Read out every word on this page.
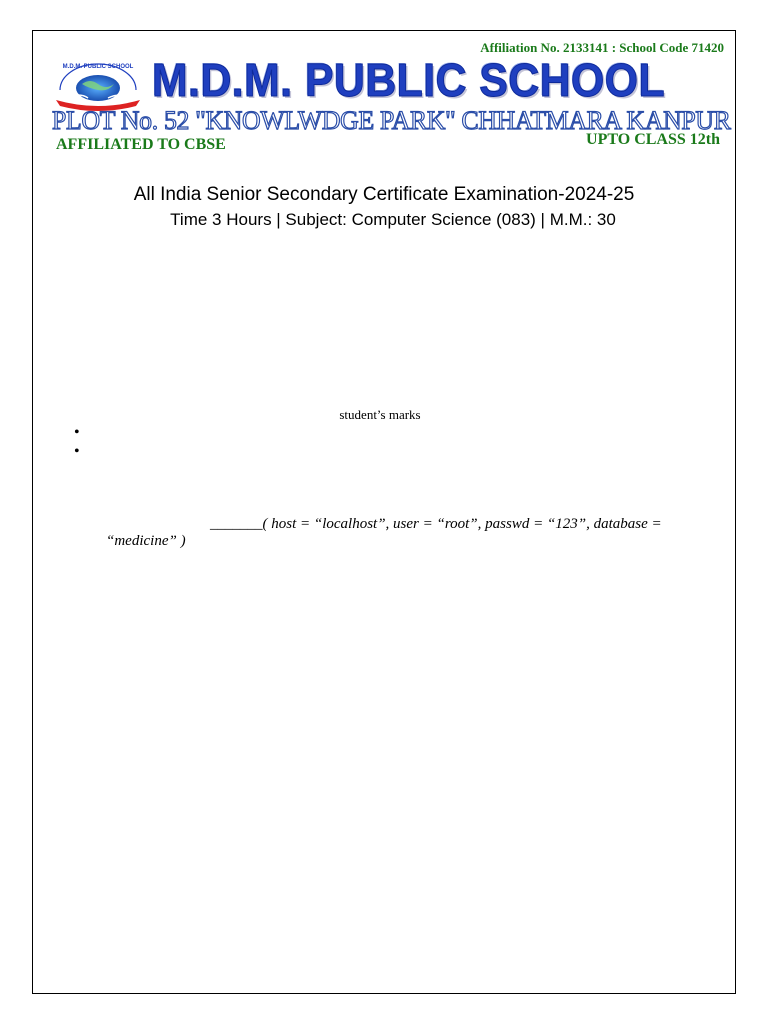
Affiliation No. 2133141 : School Code 71420
M.D.M. PUBLIC SCHOOL M.D.M. PUBLIC SCHOOL
PLOT No. 52 "KNOWLWDGE PARK" CHHATMARA KANPUR
AFFILIATED TO CBSE	UPTO CLASS 12th
All India Senior Secondary Certificate Examination-2024-25
Time 3 Hours | Subject: Computer Science (083) | M.M.: 30
student’s marks
•
•
_______( host = “localhost”, user = “root”, passwd = “123”, database =
“medicine” )
